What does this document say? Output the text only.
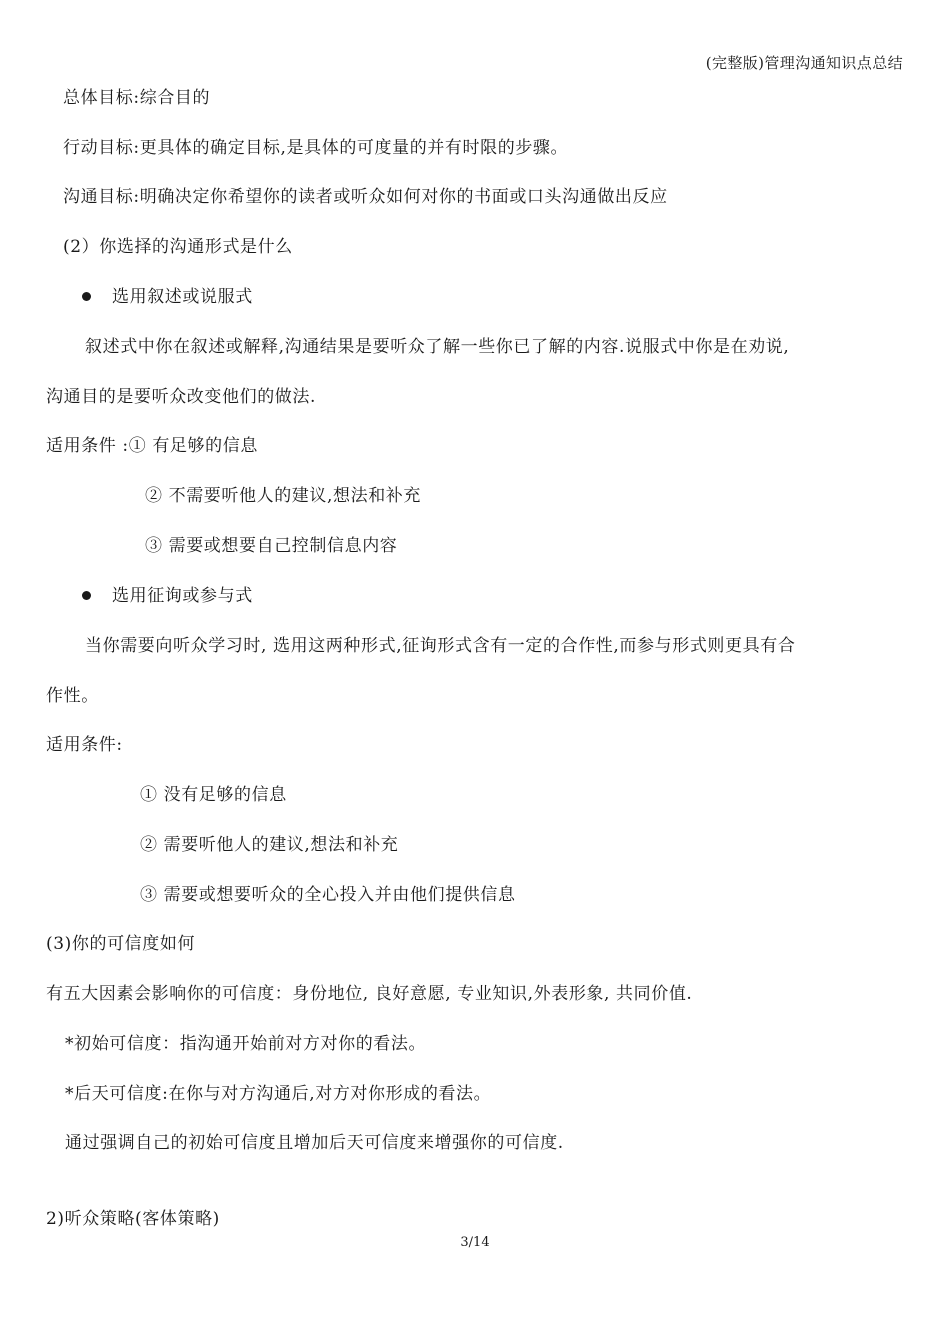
(完整版)管理沟通知识点总结
总体目标:综合目的
行动目标:更具体的确定目标,是具体的可度量的并有时限的步骤。
沟通目标:明确决定你希望你的读者或听众如何对你的书面或口头沟通做出反应
(2）你选择的沟通形式是什么
选用叙述或说服式
叙述式中你在叙述或解释,沟通结果是要听众了解一些你已了解的内容.说服式中你是在劝说,
沟通目的是要听众改变他们的做法.
适用条件 :① 有足够的信息
② 不需要听他人的建议,想法和补充
③ 需要或想要自己控制信息内容
选用征询或参与式
当你需要向听众学习时, 选用这两种形式,征询形式含有一定的合作性,而参与形式则更具有合
作性。
适用条件:
① 没有足够的信息
② 需要听他人的建议,想法和补充
③ 需要或想要听众的全心投入并由他们提供信息
(3)你的可信度如何
有五大因素会影响你的可信度：身份地位, 良好意愿, 专业知识,外表形象, 共同价值.
*初始可信度：指沟通开始前对方对你的看法。
*后天可信度:在你与对方沟通后,对方对你形成的看法。
通过强调自己的初始可信度且增加后天可信度来增强你的可信度.
2)听众策略(客体策略)
3/14
